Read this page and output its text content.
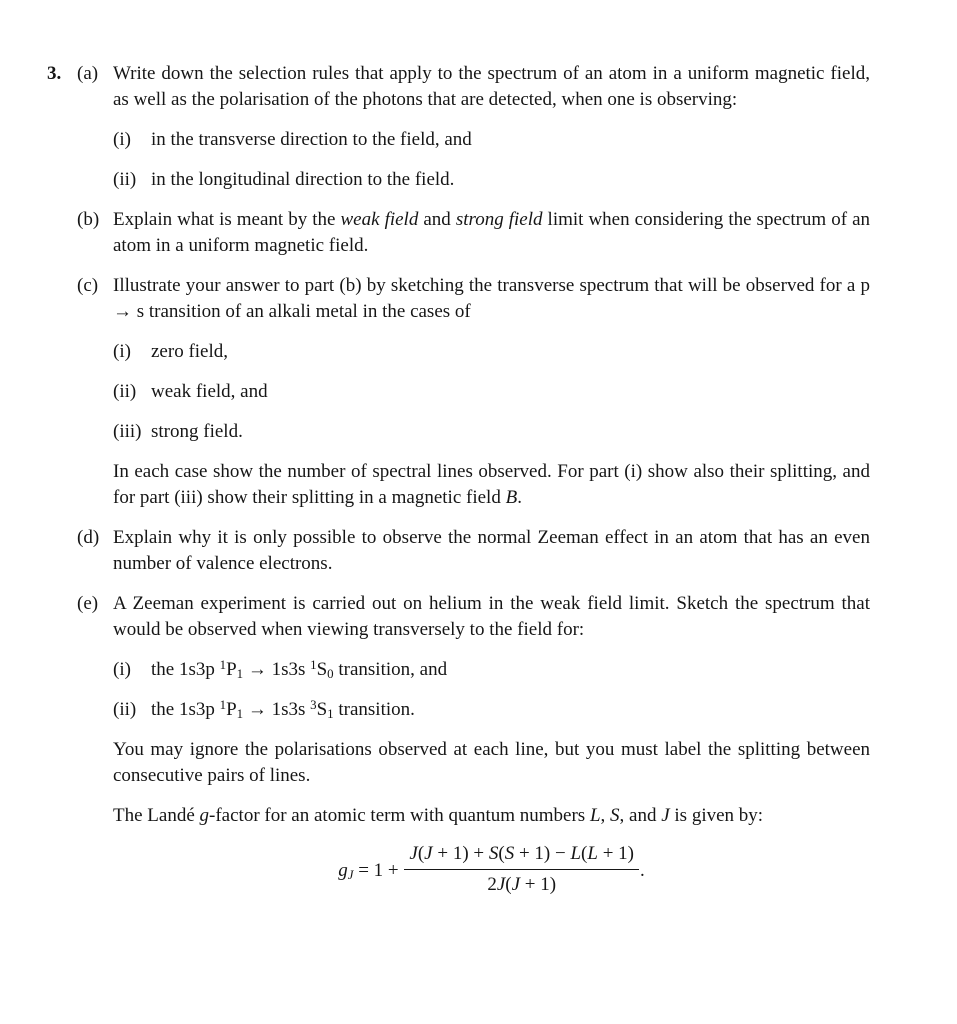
3. (a) Write down the selection rules that apply to the spectrum of an atom in a uniform magnetic field, as well as the polarisation of the photons that are detected, when one is observing:

(i)	in the transverse direction to the field, and
(ii) in the longitudinal direction to the field.
(b) Explain what is meant by the weak field and strong field limit when considering the spectrum of an atom in a uniform magnetic field.

(c) Illustrate your answer to part (b) by sketching the transverse spectrum that will be observed for a p → s transition of an alkali metal in the cases of

(i)	zero field,
(ii) weak field, and
(iii) strong field.

In each case show the number of spectral lines observed. For part (i) show also their splitting, and for part (iii) show their splitting in a magnetic field B.

(d) Explain why it is only possible to observe the normal Zeeman effect in an atom that has an even number of valence electrons.

(e) A Zeeman experiment is carried out on helium in the weak field limit. Sketch the spectrum that would be observed when viewing transversely to the field for:

(i)	the 1s3p $^1P_1 \to 1s3s$ $^1S_0$ transition, and
(ii) the 1s3p $^1P_1 \to 1s3s$ $^3S_1$ transition.

You may ignore the polarisations observed at each line, but you must label the splitting between consecutive pairs of lines.

The Landé g-factor for an atomic term with quantum numbers L, S, and J is given by:

$g_J = 1 + \frac{J(J + 1) + S(S + 1) - L(L + 1)}{2J(J + 1)}$ .
